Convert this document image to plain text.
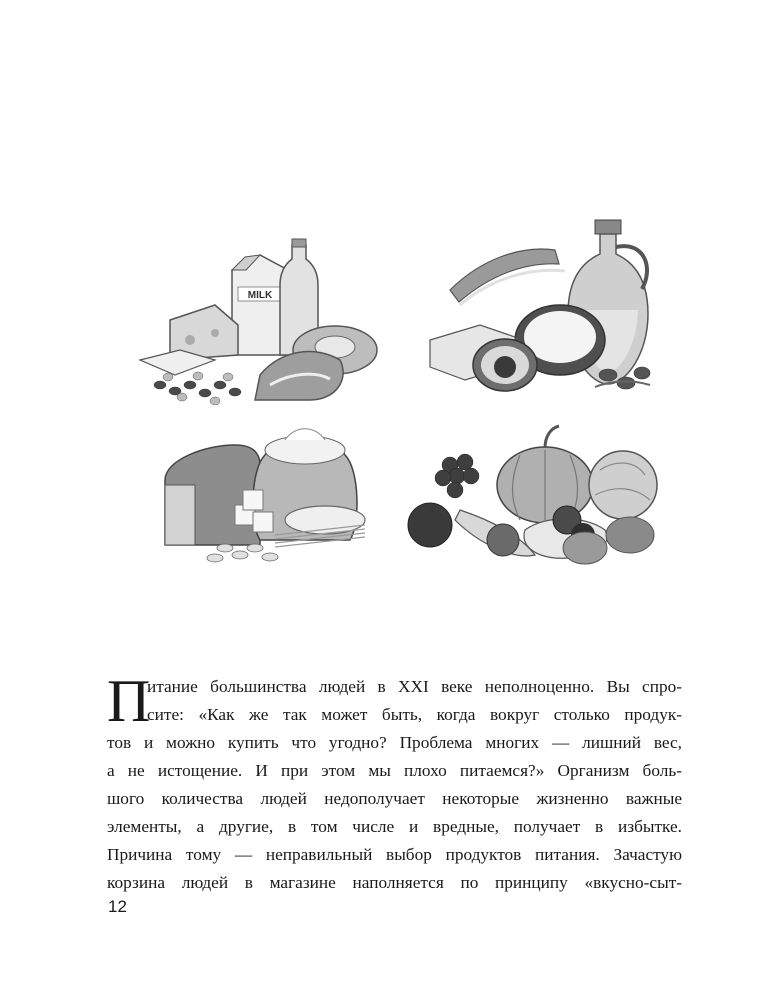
MILK
П
итание большинства людей в XXI веке неполноценно. Вы спро-
сите: «Как же так может быть, когда вокруг столько продук-
тов и можно купить что угодно? Проблема многих — лишний вес,
а не истощение. И при этом мы плохо питаемся?» Организм боль-
шого количества людей недополучает некоторые жизненно важные
элементы, а другие, в том числе и вредные, получает в избытке.
Причина тому — неправильный выбор продуктов питания. Зачастую
корзина людей в магазине наполняется по принципу «вкусно-сыт-
12
